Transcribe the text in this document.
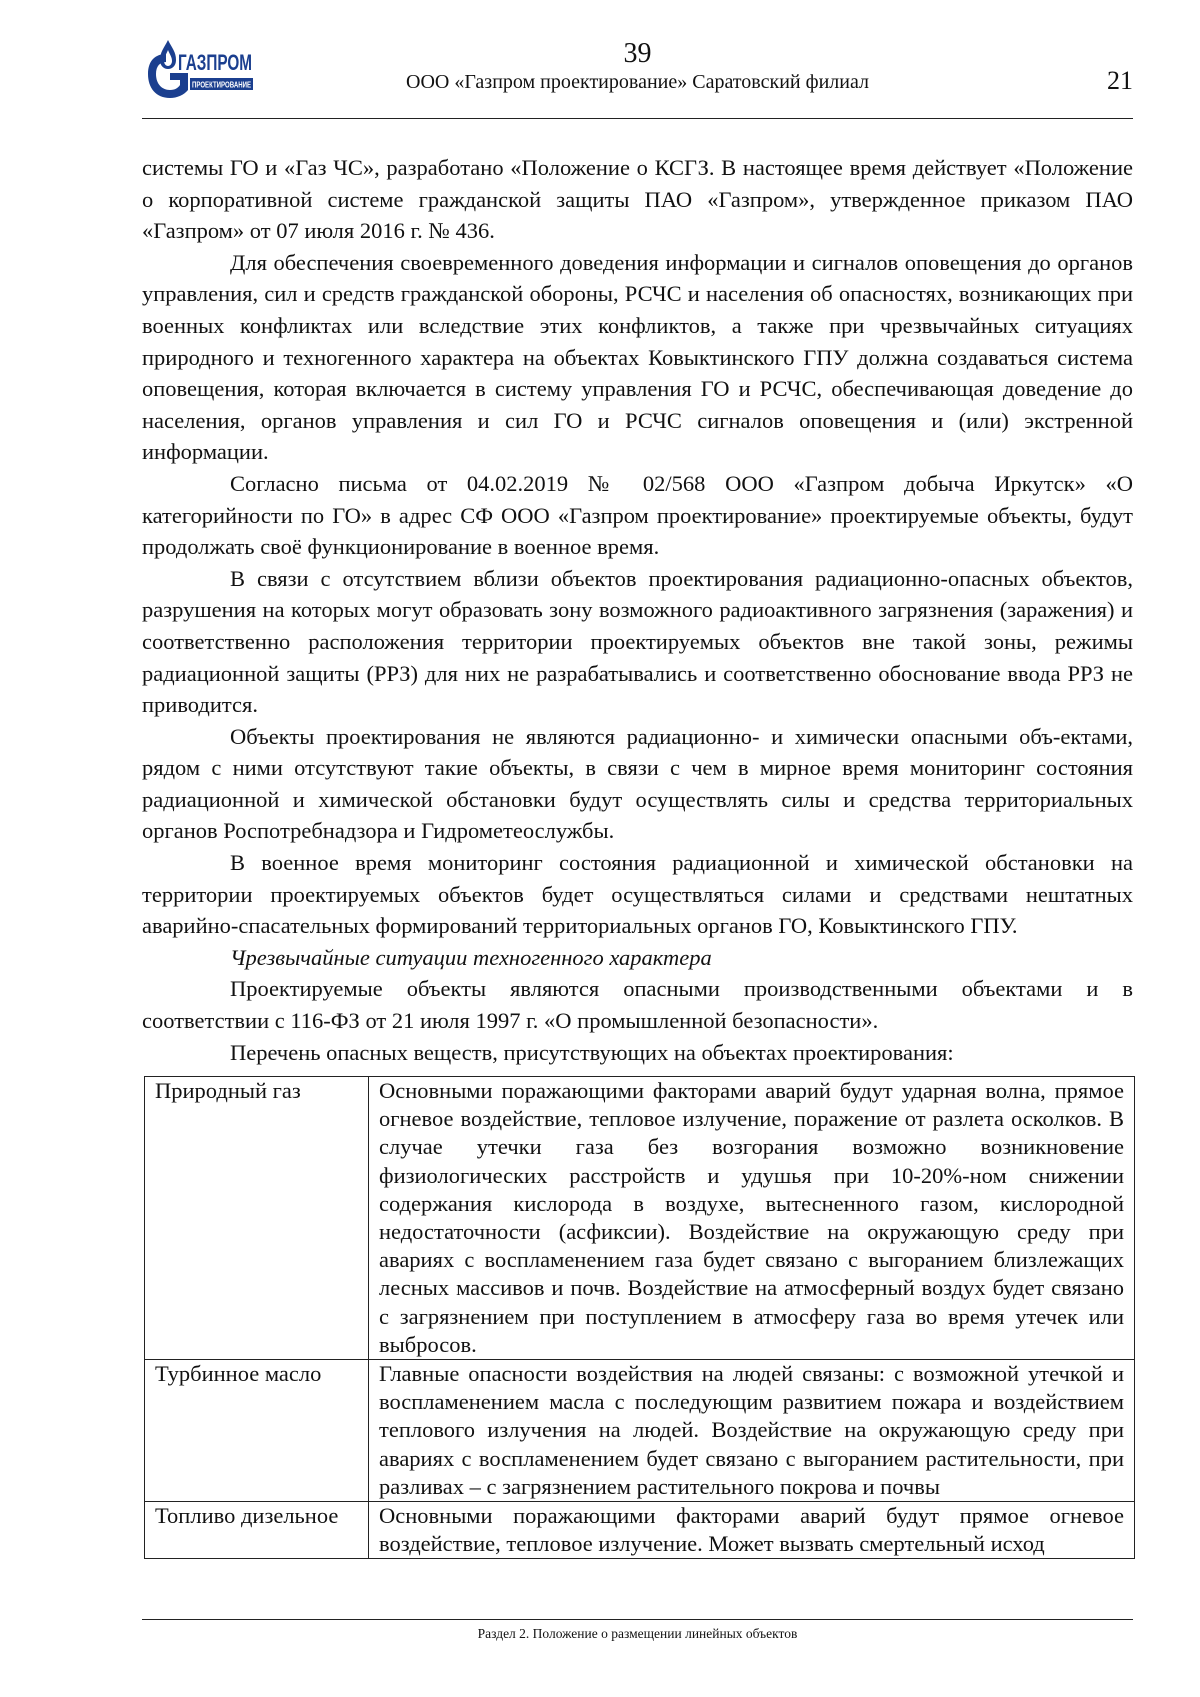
ГАЗПРОМ
ПРОЕКТИРОВАНИЕ
39
ООО «Газпром проектирование» Саратовский филиал	21

системы ГО и «Газ ЧС», разработано «Положение о КСГЗ. В настоящее время действует «Положение о корпоративной системе гражданской защиты ПАО «Газпром», утвержденное приказом ПАО «Газпром» от 07 июля 2016 г. № 436.

Для обеспечения своевременного доведения информации и сигналов оповещения до органов управления, сил и средств гражданской обороны, РСЧС и населения об опасностях, возникающих при военных конфликтах или вследствие этих конфликтов, а также при чрезвычайных ситуациях природного и техногенного характера на объектах Ковыктинского ГПУ должна создаваться система оповещения, которая включается в систему управления ГО и РСЧС, обеспечивающая доведение до населения, органов управления и сил ГО и РСЧС сигналов оповещения и (или) экстренной информации.

Согласно письма от 04.02.2019 № 02/568 ООО «Газпром добыча Иркутск» «О категорийности по ГО» в адрес СФ ООО «Газпром проектирование» проектируемые объекты, будут продолжать своё функционирование в военное время.

В связи с отсутствием вблизи объектов проектирования радиационно-опасных объектов, разрушения на которых могут образовать зону возможного радиоактивного загрязнения (заражения) и соответственно расположения территории проектируемых объектов вне такой зоны, режимы радиационной защиты (РРЗ) для них не разрабатывались и соответственно обоснование ввода РРЗ не приводится.

Объекты проектирования не являются радиационно- и химически опасными объ-ектами, рядом с ними отсутствуют такие объекты, в связи с чем в мирное время мониторинг состояния радиационной и химической обстановки будут осуществлять силы и средства территориальных органов Роспотребнадзора и Гидрометеослужбы.

В военное время мониторинг состояния радиационной и химической обстановки на территории проектируемых объектов будет осуществляться силами и средствами нештатных аварийно-спасательных формирований территориальных органов ГО, Ковыктинского ГПУ.

Чрезвычайные ситуации техногенного характера

Проектируемые объекты являются опасными производственными объектами и в соответствии с 116-ФЗ от 21 июля 1997 г. «О промышленной безопасности».

Перечень опасных веществ, присутствующих на объектах проектирования:

Природный газ	Основными поражающими факторами аварий будут ударная волна, прямое огневое воздействие, тепловое излучение, поражение от разлета осколков. В случае утечки газа без возгорания возможно возникновение физиологических расстройств и удушья при 10-20%-ном снижении содержания кислорода в воздухе, вытесненного газом, кислородной недостаточности (асфиксии). Воздействие на окружающую среду при авариях с воспламенением газа будет связано с выгоранием близлежащих лесных массивов и почв. Воздействие на атмосферный воздух будет связано с загрязнением при поступлением в атмосферу газа во время утечек или выбросов.
Турбинное масло	Главные опасности воздействия на людей связаны: с возможной утечкой и воспламенением масла с последующим развитием пожара и воздействием теплового излучения на людей. Воздействие на окружающую среду при авариях с воспламенением будет связано с выгоранием растительности, при разливах – с загрязнением растительного покрова и почвы
Топливо дизельное	Основными поражающими факторами аварий будут прямое огневое воздействие, тепловое излучение. Может вызвать смертельный исход
Раздел 2. Положение о размещении линейных объектов
